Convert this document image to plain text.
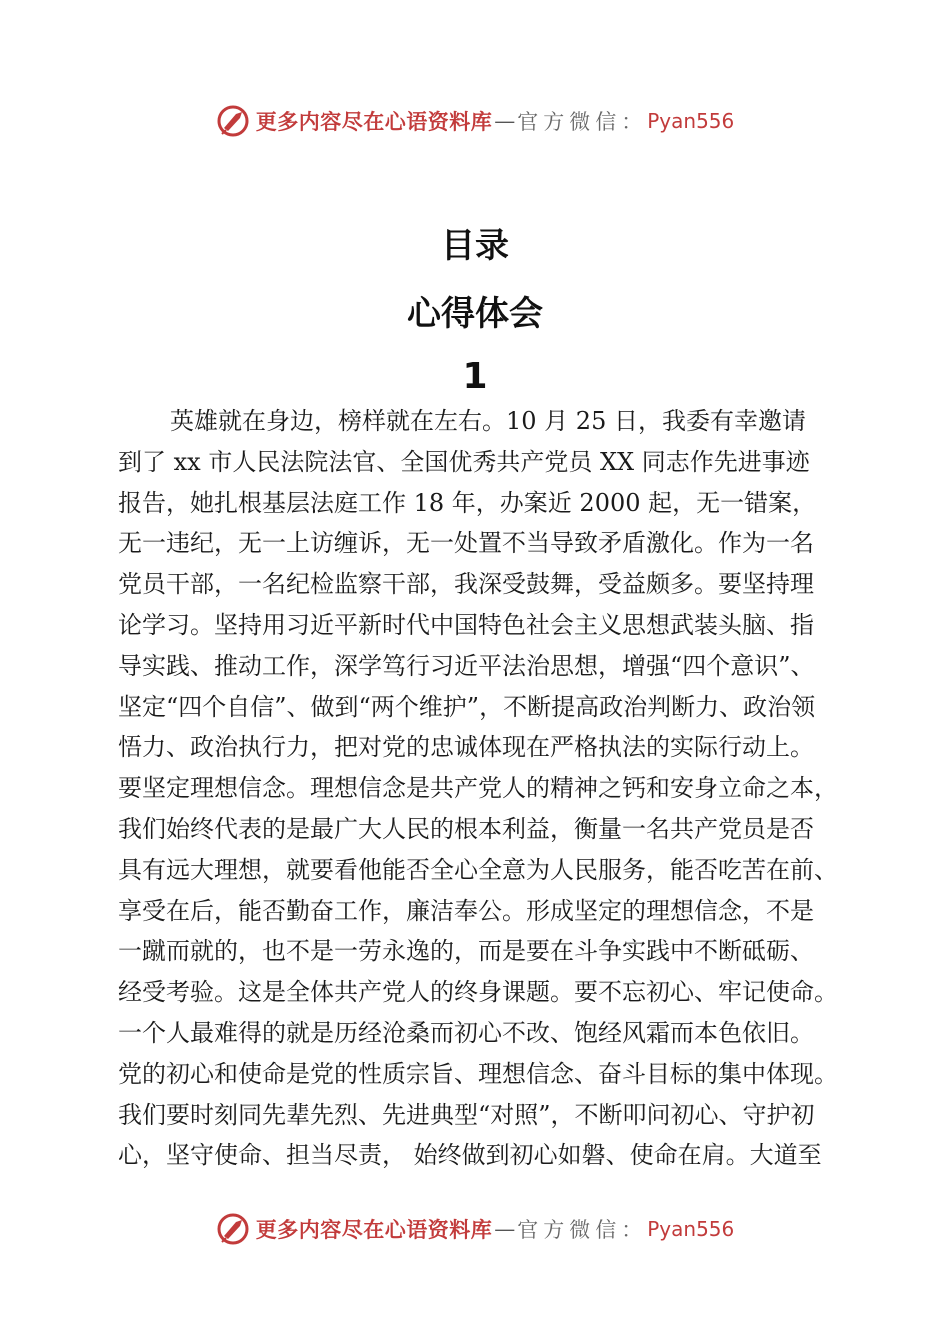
更多内容尽在心语资料库 — 官方微信： Pyan556
目录
心得体会
1
英雄就在身边，榜样就在左右。10 月 25 日，我委有幸邀请
到了 xx 市人民法院法官、全国优秀共产党员 XX 同志作先进事迹
报告，她扎根基层法庭工作 18 年，办案近 2000 起，无一错案，
无一违纪，无一上访缠诉，无一处置不当导致矛盾激化。作为一名
党员干部，一名纪检监察干部，我深受鼓舞，受益颇多。要坚持理
论学习。坚持用习近平新时代中国特色社会主义思想武装头脑、指
导实践、推动工作，深学笃行习近平法治思想，增强“四个意识”、
坚定“四个自信”、做到“两个维护”，不断提高政治判断力、政治领
悟力、政治执行力，把对党的忠诚体现在严格执法的实际行动上。
要坚定理想信念。理想信念是共产党人的精神之钙和安身立命之本，
我们始终代表的是最广大人民的根本利益，衡量一名共产党员是否
具有远大理想，就要看他能否全心全意为人民服务，能否吃苦在前、
享受在后，能否勤奋工作，廉洁奉公。形成坚定的理想信念，不是
一蹴而就的，也不是一劳永逸的，而是要在斗争实践中不断砥砺、
经受考验。这是全体共产党人的终身课题。要不忘初心、牢记使命。
一个人最难得的就是历经沧桑而初心不改、饱经风霜而本色依旧。
党的初心和使命是党的性质宗旨、理想信念、奋斗目标的集中体现。
我们要时刻同先辈先烈、先进典型“对照”，不断叩问初心、守护初
心，坚守使命、担当尽责， 始终做到初心如磐、使命在肩。大道至
更多内容尽在心语资料库 — 官方微信： Pyan556
